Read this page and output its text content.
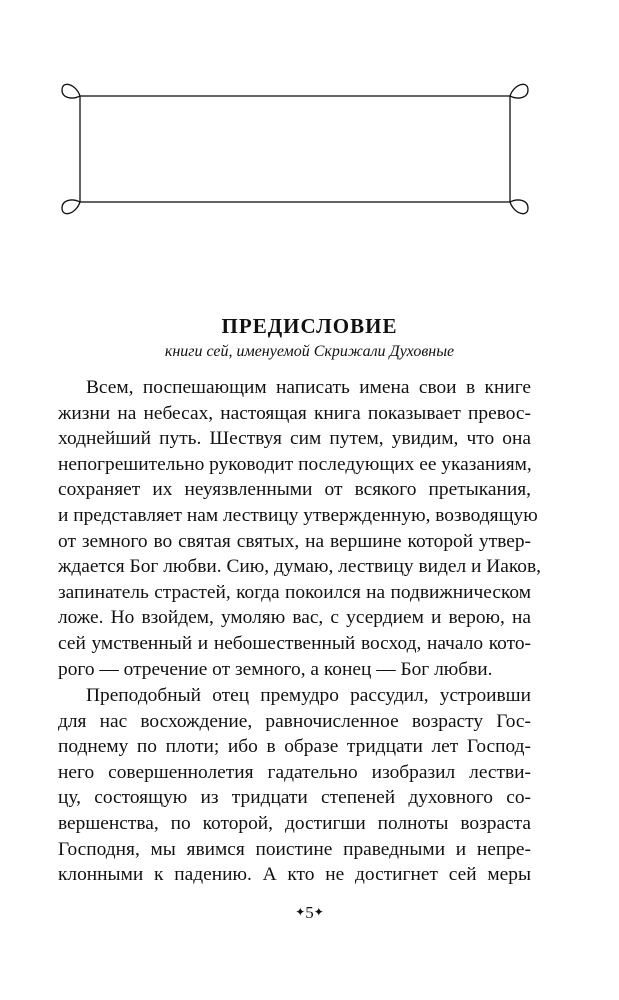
ПРЕДИСЛОВИЕ
книги сей, именуемой Скрижали Духовные
Всем, поспешающим написать имена свои в книге
жизни на небесах, настоящая книга показывает превос-
ходнейший путь. Шествуя сим путем, увидим, что она
непогрешительно руководит последующих ее указаниям,
сохраняет их неуязвленными от всякого претыкания,
и представляет нам лествицу утвержденную, возводящую
от земного во святая святых, на вершине которой утвер-
ждается Бог любви. Сию, думаю, лествицу видел и Иаков,
запинатель страстей, когда покоился на подвижническом
ложе. Но взойдем, умоляю вас, с усердием и верою, на
сей умственный и небошественный восход, начало кото-
рого — отречение от земного, а конец — Бог любви.
Преподобный отец премудро рассудил, устроивши
для нас восхождение, равночисленное возрасту Гос-
поднему по плоти; ибо в образе тридцати лет Господ-
него совершеннолетия гадательно изобразил лестви-
цу, состоящую из тридцати степеней духовного со-
вершенства, по которой, достигши полноты возраста
Господня, мы явимся поистине праведными и непре-
клонными к падению. А кто не достигнет сей меры
✦5✦
